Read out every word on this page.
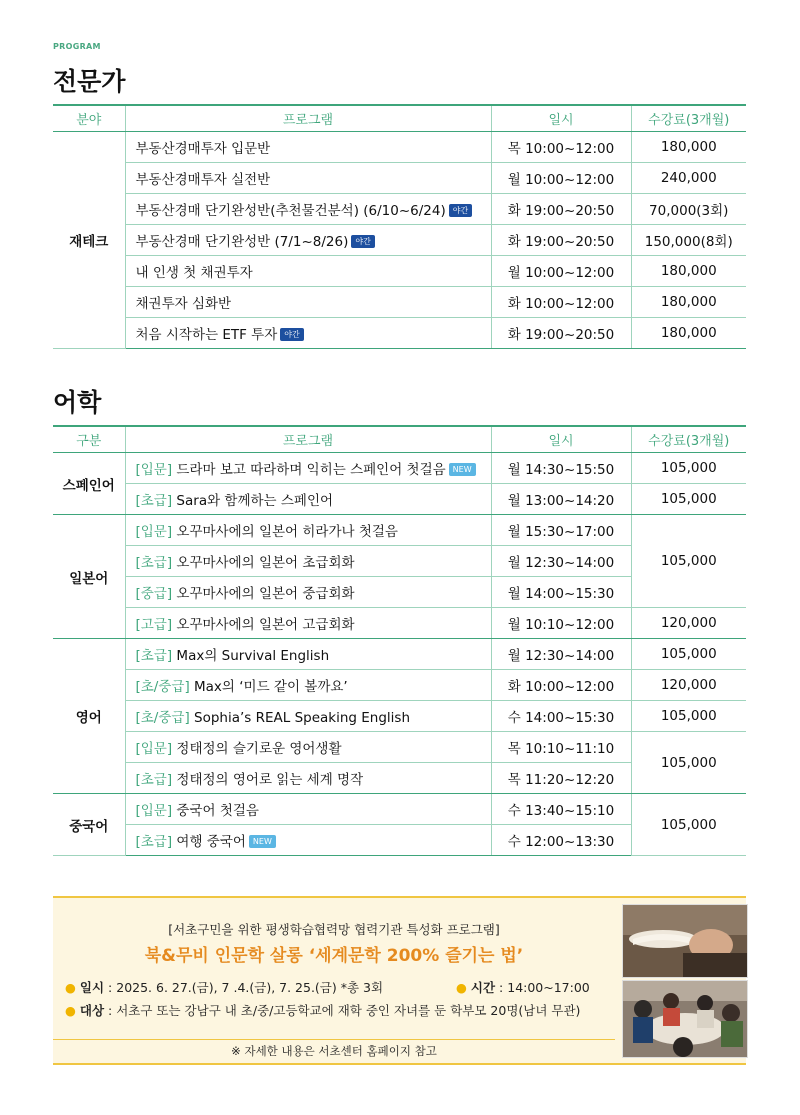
PROGRAM
전문가
분야	프로그램	일시	수강료(3개월)
재테크	부동산경매투자 입문반	목 10:00~12:00	180,000
	부동산경매투자 실전반	월 10:00~12:00	240,000
	부동산경매 단기완성반(추천물건분석) (6/10~6/24) 야간	화 19:00~20:50	70,000(3회)
	부동산경매 단기완성반 (7/1~8/26) 야간	화 19:00~20:50	150,000(8회)
	내 인생 첫 채권투자	월 10:00~12:00	180,000
	채권투자 심화반	화 10:00~12:00	180,000
	처음 시작하는 ETF 투자 야간	화 19:00~20:50	180,000
어학
구분	프로그램	일시	수강료(3개월)
스페인어	[입문] 드라마 보고 따라하며 익히는 스페인어 첫걸음 NEW	월 14:30~15:50	105,000
	[초급] Sara와 함께하는 스페인어	월 13:00~14:20	105,000
일본어	[입문] 오꾸마사에의 일본어 히라가나 첫걸음	월 15:30~17:00	105,000
	[초급] 오꾸마사에의 일본어 초급회화	월 12:30~14:00	
	[중급] 오꾸마사에의 일본어 중급회화	월 14:00~15:30	
	[고급] 오꾸마사에의 일본어 고급회화	월 10:10~12:00	120,000
영어	[초급] Max의 Survival English	월 12:30~14:00	105,000
	[초/중급] Max의 ‘미드 같이 볼까요’	화 10:00~12:00	120,000
	[초/중급] Sophia’s REAL Speaking English	수 14:00~15:30	105,000
	[입문] 정태정의 슬기로운 영어생활	목 10:10~11:10	105,000
	[초급] 정태정의 영어로 읽는 세계 명작	목 11:20~12:20	
중국어	[입문] 중국어 첫걸음	수 13:40~15:10	105,000
	[초급] 여행 중국어 NEW	수 12:00~13:30	
[서초구민을 위한 평생학습협력망 협력기관 특성화 프로그램]
북&무비 인문학 살롱 ‘세계문학 200% 즐기는 법’
● 일시 : 2025. 6. 27.(금), 7 .4.(금), 7. 25.(금) *총 3회	● 시간 : 14:00~17:00
● 대상 : 서초구 또는 강남구 내 초/중/고등학교에 재학 중인 자녀를 둔 학부모 20명(남녀 무관)
※ 자세한 내용은 서초센터 홈페이지 참고
